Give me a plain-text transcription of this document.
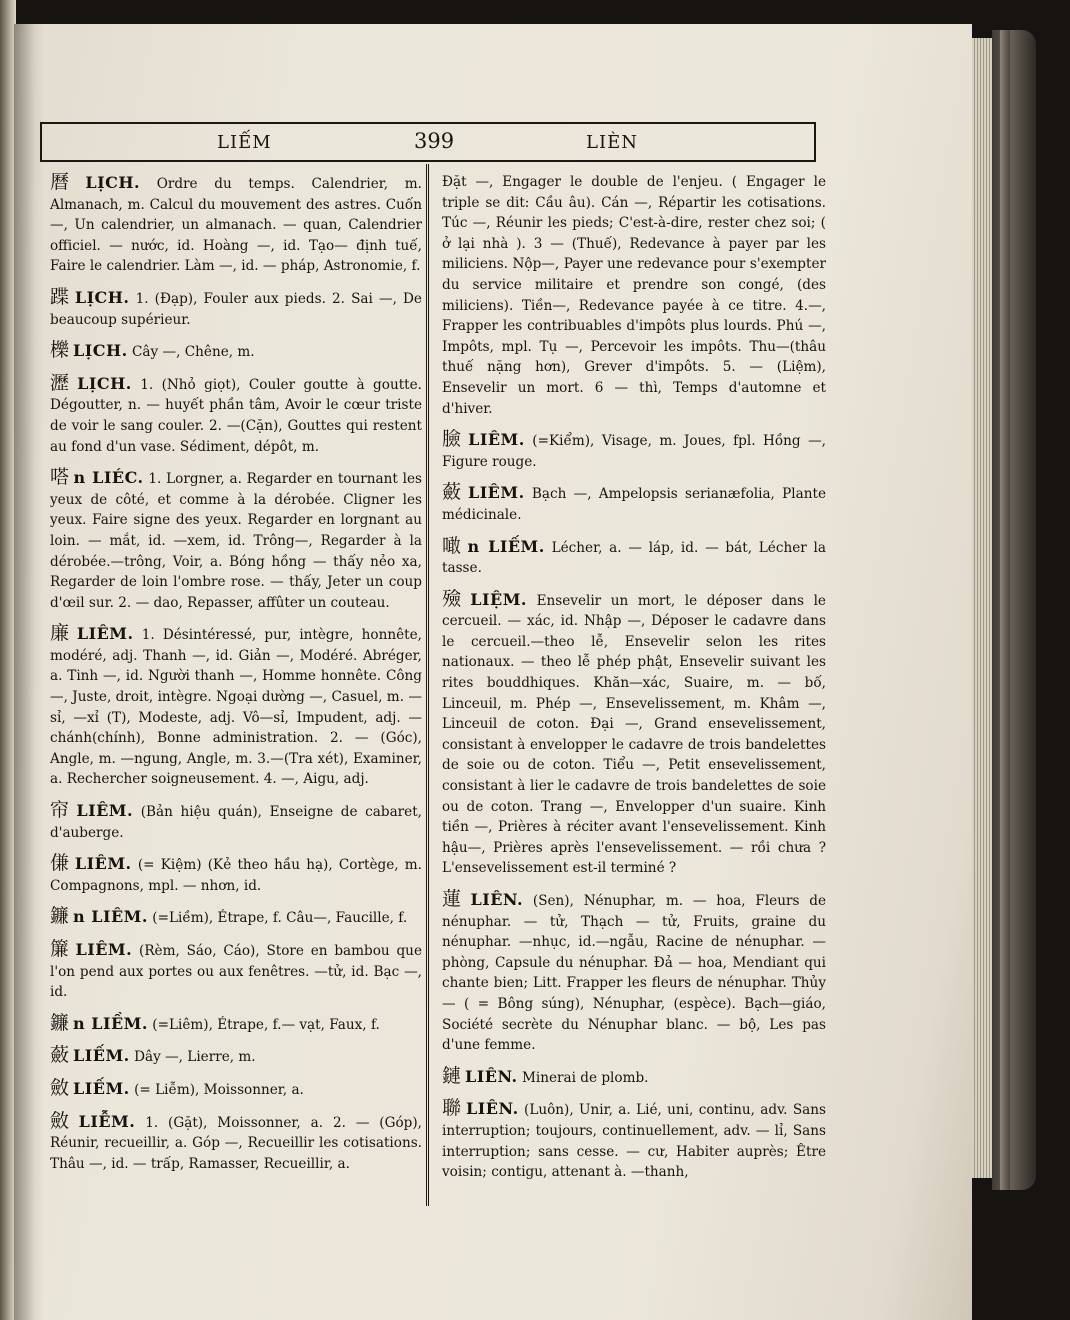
LIẾM	399	LIÈN
曆 LỊCH. Ordre du temps. Calendrier, m. Almanach, m. Calcul du mouvement des astres. Cuốn—, Un calendrier, un almanach. — quan, Calendrier officiel. — nước, id. Hoàng —, id. Tạo— định tuế, Faire le calendrier. Làm —, id. — pháp, Astronomie, f.
蹀 LỊCH. 1. (Đạp), Fouler aux pieds. 2. Sai —, De beaucoup supérieur.
櫟 LỊCH. Cây —, Chêne, m.
瀝 LỊCH. 1. (Nhỏ giọt), Couler goutte à goutte. Dégoutter, n. — huyết phần tâm, Avoir le cœur triste de voir le sang couler. 2. —(Cặn), Gouttes qui restent au fond d'un vase. Sédiment, dépôt, m.
嗒 n LIÉC. 1. Lorgner, a. Regarder en tournant les yeux de côté, et comme à la dérobée. Cligner les yeux. Faire signe des yeux. Regarder en lorgnant au loin. — mắt, id. —xem, id. Trông—, Regarder à la dérobée.—trông, Voir, a. Bóng hồng — thấy nẻo xa, Regarder de loin l'ombre rose. — thấy, Jeter un coup d'œil sur. 2. — dao, Repasser, affûter un couteau.
廉 LIÊM. 1. Désintéressé, pur, intègre, honnête, modéré, adj. Thanh —, id. Giản —, Modéré. Abréger, a. Tinh —, id. Người thanh —, Homme honnête. Công—, Juste, droit, intègre. Ngoại dường —, Casuel, m. —sỉ, —xỉ (T), Modeste, adj. Vô—sỉ, Impudent, adj. —chánh(chính), Bonne administration. 2. — (Góc), Angle, m. —ngung, Angle, m. 3.—(Tra xét), Examiner, a. Rechercher soigneusement. 4. —, Aigu, adj.
帘 LIÊM. (Bản hiệu quán), Enseigne de cabaret, d'auberge.
傔 LIÊM. (= Kiệm) (Kẻ theo hầu hạ), Cortège, m. Compagnons, mpl. — nhơn, id.
鐮 n LIÊM. (=Liềm), Étrape, f. Câu—, Faucille, f.
簾 LIÊM. (Rèm, Sáo, Cáo), Store en bambou que l'on pend aux portes ou aux fenêtres. —tử, id. Bạc —, id.
鐮 n LIỀM. (=Liêm), Étrape, f.— vạt, Faux, f.
蘞 LIẾM. Dây —, Lierre, m.
斂 LIẾM. (= Liễm), Moissonner, a.
斂 LIỄM. 1. (Gặt), Moissonner, a. 2. — (Góp), Réunir, recueillir, a. Góp —, Recueillir les cotisations. Thâu —, id. — trấp, Ramasser, Recueillir, a.
Đặt —, Engager le double de l'enjeu. ( Engager le triple se dit: Cầu âu). Cán —, Répartir les cotisations. Túc —, Réunir les pieds; C'est-à-dire, rester chez soi; ( ở lại nhà ). 3 — (Thuế), Redevance à payer par les miliciens. Nộp—, Payer une redevance pour s'exempter du service militaire et prendre son congé, (des miliciens). Tiền—, Redevance payée à ce titre. 4.—, Frapper les contribuables d'impôts plus lourds. Phú —, Impôts, mpl. Tụ —, Percevoir les impôts. Thu—(thâu thuế nặng hơn), Grever d'impôts. 5. — (Liệm), Ensevelir un mort. 6 — thì, Temps d'automne et d'hiver.
臉 LIÊM. (=Kiểm), Visage, m. Joues, fpl. Hồng —, Figure rouge.
蘞 LIÊM. Bạch —, Ampelopsis serianæfolia, Plante médicinale.
噉 n LIẾM. Lécher, a. — láp, id. — bát, Lécher la tasse.
殮 LIỆM. Ensevelir un mort, le déposer dans le cercueil. — xác, id. Nhập —, Déposer le cadavre dans le cercueil.—theo lễ, Ensevelir selon les rites nationaux. — theo lễ phép phật, Ensevelir suivant les rites bouddhiques. Khăn—xác, Suaire, m. — bố, Linceuil, m. Phép —, Ensevelissement, m. Khâm —, Linceuil de coton. Đại —, Grand ensevelissement, consistant à envelopper le cadavre de trois bandelettes de soie ou de coton. Tiểu —, Petit ensevelissement, consistant à lier le cadavre de trois bandelettes de soie ou de coton. Trang —, Envelopper d'un suaire. Kinh tiền —, Prières à réciter avant l'ensevelissement. Kinh hậu—, Prières après l'ensevelissement. — rồi chưa ? L'ensevelissement est-il terminé ?
蓮 LIÊN. (Sen), Nénuphar, m. — hoa, Fleurs de nénuphar. — tử, Thạch — tử, Fruits, graine du nénuphar. —nhục, id.—ngẫu, Racine de nénuphar. — phòng, Capsule du nénuphar. Đả — hoa, Mendiant qui chante bien; Litt. Frapper les fleurs de nénuphar. Thủy — ( = Bông súng), Nénuphar, (espèce). Bạch—giáo, Société secrète du Nénuphar blanc. — bộ, Les pas d'une femme.
鏈 LIÊN. Minerai de plomb.
聯 LIÊN. (Luôn), Unir, a. Lié, uni, continu, adv. Sans interruption; toujours, continuellement, adv. — lỉ, Sans interruption; sans cesse. — cư, Habiter auprès; Être voisin; contigu, attenant à. —thanh,
